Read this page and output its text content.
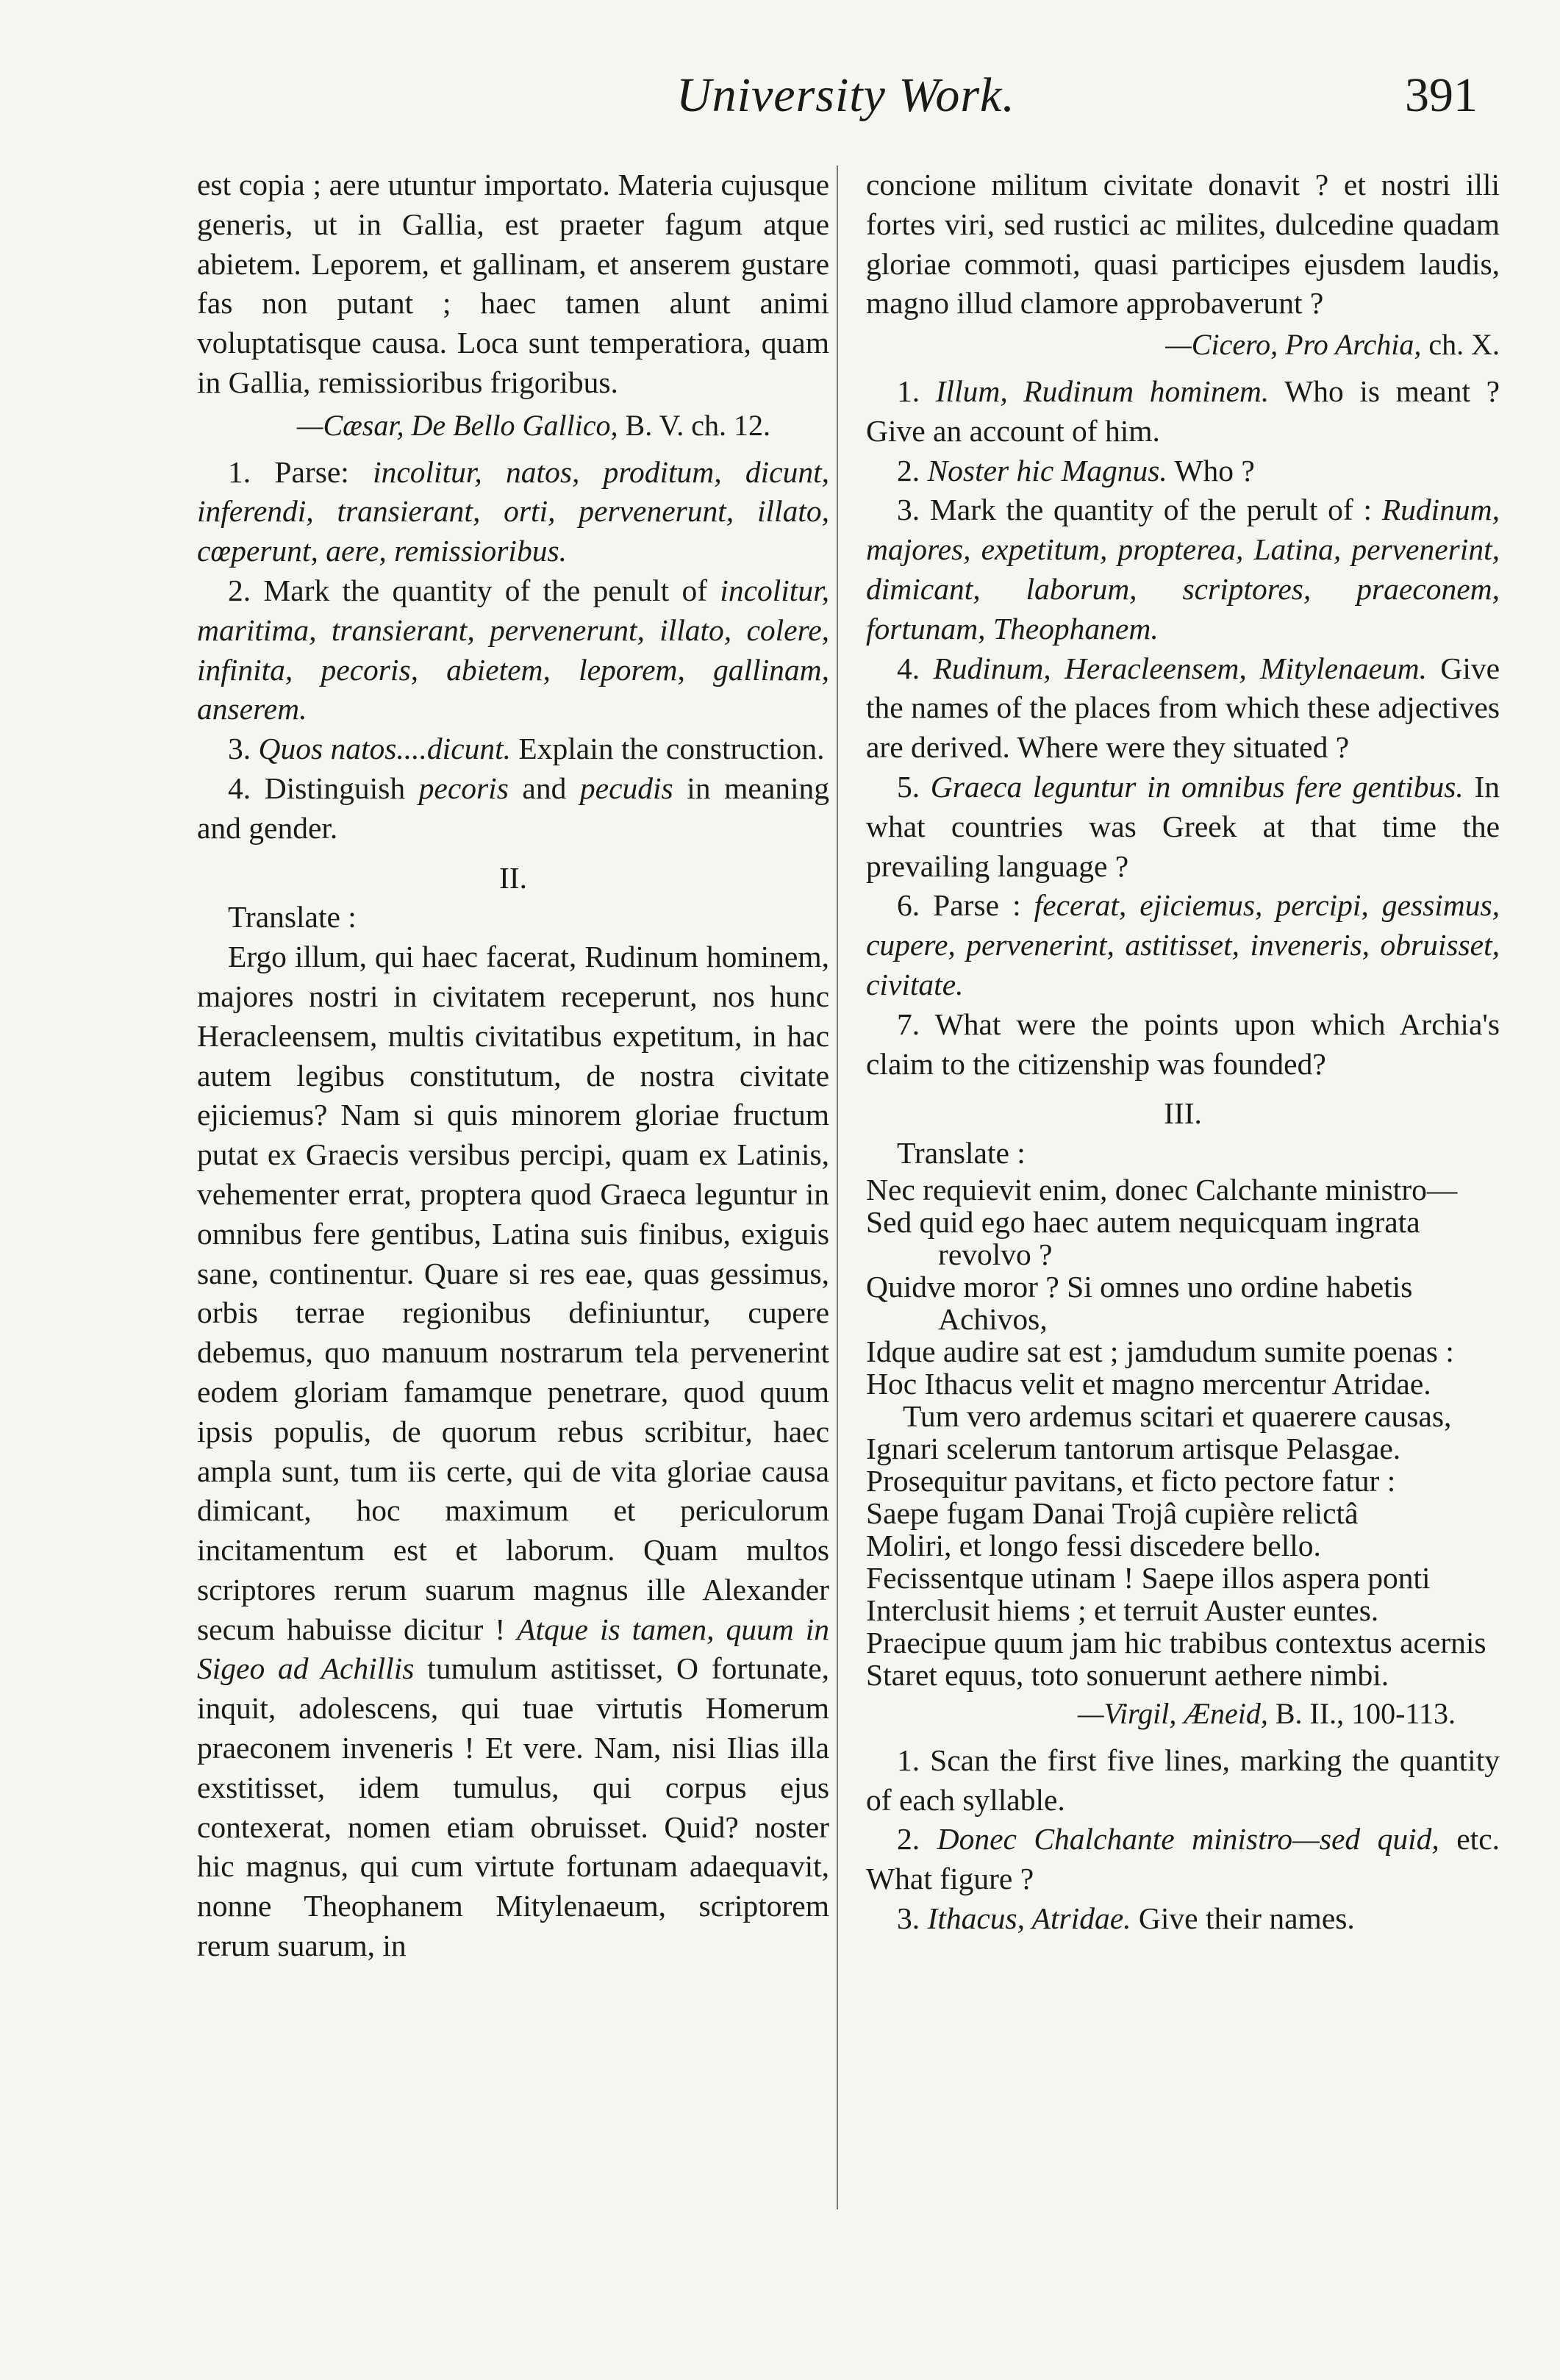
University Work.	391

est copia ; aere utuntur importato. Materia cujusque generis, ut in Gallia, est praeter fagum atque abietem. Leporem, et gallinam, et anserem gustare fas non putant ; haec tamen alunt animi voluptatisque causa. Loca sunt temperatiora, quam in Gallia, remissioribus frigoribus.

—Cæsar, De Bello Gallico, B. V. ch. 12.

1. Parse: incolitur, natos, proditum, dicunt, inferendi, transierant, orti, pervenerunt, illato, cœperunt, aere, remissioribus.

2. Mark the quantity of the penult of incolitur, maritima, transierant, pervenerunt, illato, colere, infinita, pecoris, abietem, leporem, gallinam, anserem.

3. Quos natos....dicunt. Explain the construction.

4. Distinguish pecoris and pecudis in meaning and gender.

II.

Translate :

Ergo illum, qui haec facerat, Rudinum hominem, majores nostri in civitatem receperunt, nos hunc Heracleensem, multis civitatibus expetitum, in hac autem legibus constitutum, de nostra civitate ejiciemus? Nam si quis minorem gloriae fructum putat ex Graecis versibus percipi, quam ex Latinis, vehementer errat, proptera quod Graeca leguntur in omnibus fere gentibus, Latina suis finibus, exiguis sane, continentur. Quare si res eae, quas gessimus, orbis terrae regionibus definiuntur, cupere debemus, quo manuum nostrarum tela pervenerint eodem gloriam famamque penetrare, quod quum ipsis populis, de quorum rebus scribitur, haec ampla sunt, tum iis certe, qui de vita gloriae causa dimicant, hoc maximum et periculorum incitamentum est et laborum. Quam multos scriptores rerum suarum magnus ille Alexander secum habuisse dicitur ! Atque is tamen, quum in Sigeo ad Achillis tumulum astitisset, O fortunate, inquit, adolescens, qui tuae virtutis Homerum praeconem inveneris ! Et vere. Nam, nisi Ilias illa exstitisset, idem tumulus, qui corpus ejus contexerat, nomen etiam obruisset. Quid? noster hic magnus, qui cum virtute fortunam adaequavit, nonne Theophanem Mitylenaeum, scriptorem rerum suarum, in

concione militum civitate donavit ? et nostri illi fortes viri, sed rustici ac milites, dulcedine quadam gloriae commoti, quasi participes ejusdem laudis, magno illud clamore approbaverunt ?

—Cicero, Pro Archia, ch. X.

1. Illum, Rudinum hominem. Who is meant ? Give an account of him.

2. Noster hic Magnus. Who ?

3. Mark the quantity of the perult of : Rudinum, majores, expetitum, propterea, Latina, pervenerint, dimicant, laborum, scriptores, praeconem, fortunam, Theophanem.

4. Rudinum, Heracleensem, Mitylenaeum. Give the names of the places from which these adjectives are derived. Where were they situated ?

5. Graeca leguntur in omnibus fere gentibus. In what countries was Greek at that time the prevailing language ?

6. Parse : fecerat, ejiciemus, percipi, gessimus, cupere, pervenerint, astitisset, inveneris, obruisset, civitate.

7. What were the points upon which Archia's claim to the citizenship was founded?

III.

Translate :

Nec requievit enim, donec Calchante ministro—

Sed quid ego haec autem nequicquam ingrata revolvo ?

Quidve moror ? Si omnes uno ordine habetis Achivos,

Idque audire sat est ; jamdudum sumite poenas :

Hoc Ithacus velit et magno mercentur Atridae.

Tum vero ardemus scitari et quaerere causas,

Ignari scelerum tantorum artisque Pelasgae.

Prosequitur pavitans, et ficto pectore fatur :

Saepe fugam Danai Trojâ cupière relictâ

Moliri, et longo fessi discedere bello.

Fecissentque utinam ! Saepe illos aspera ponti

Interclusit hiems ; et terruit Auster euntes.

Praecipue quum jam hic trabibus contextus acernis

Staret equus, toto sonuerunt aethere nimbi.

—Virgil, Æneid, B. II., 100-113.

1. Scan the first five lines, marking the quantity of each syllable.

2. Donec Chalchante ministro—sed quid, etc. What figure ?

3. Ithacus, Atridae. Give their names.
